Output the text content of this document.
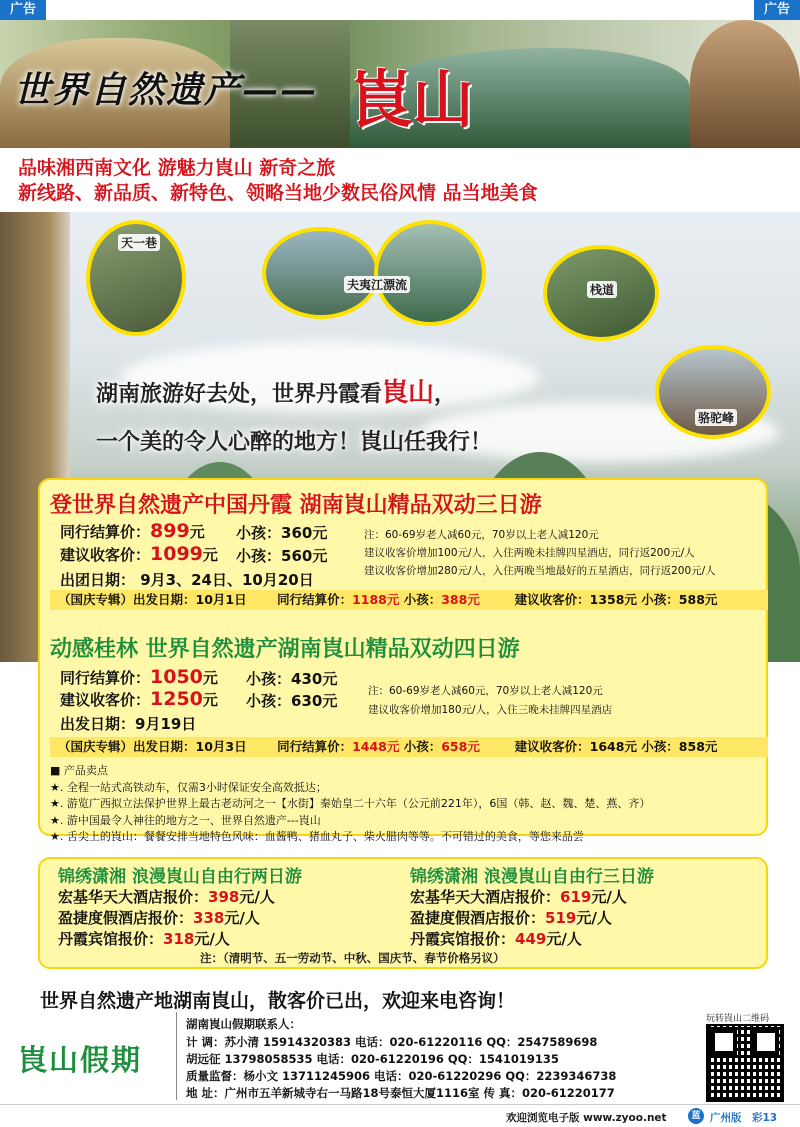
广告	广告
世界自然遗产—— 崀山
品味湘西南文化 游魅力崀山 新奇之旅
新线路、新品质、新特色、领略当地少数民俗风情 品当地美食
天一巷
夫夷江漂流	栈道
骆驼峰
湖南旅游好去处，世界丹霞看崀山，
一个美的令人心醉的地方！崀山任我行！
登世界自然遗产中国丹霞 湖南崀山精品双动三日游
同行结算价：899元 小孩：360元
建议收客价：1099元 小孩：560元
出团日期： 9月3、24日、10月20日
注：60-69岁老人减60元，70岁以上老人减120元
建议收客价增加100元/人，入住两晚未挂牌四星酒店，同行返200元/人
建议收客价增加280元/人，入住两晚当地最好的五星酒店，同行返200元/人
（国庆专辑）出发日期：10月1日 同行结算价：1188元 小孩：388元	建议收客价：1358元 小孩：588元
动感桂林 世界自然遗产湖南崀山精品双动四日游
同行结算价：1050元 小孩：430元
建议收客价：1250元 小孩：630元
出发日期：9月19日
注：60-69岁老人减60元，70岁以上老人减120元
建议收客价增加180元/人，入住三晚未挂牌四星酒店
（国庆专辑）出发日期：10月3日 同行结算价：1448元 小孩：658元	建议收客价：1648元 小孩：858元
■ 产品卖点
★. 全程一站式高铁动车，仅需3小时保证安全高效抵达；
★. 游览广西拟立法保护世界上最古老动河之一【水街】秦始皇二十六年（公元前221年），6国（韩、赵、魏、楚、燕、齐）
★. 游中国最令人神往的地方之一、世界自然遗产---崀山
★. 舌尖上的崀山：餐餐安排当地特色风味：血酱鸭、猪血丸子、柴火腊肉等等。不可错过的美食，等您来品尝
锦绣潇湘 浪漫崀山自由行两日游
宏基华天大酒店报价：398元/人
盈捷度假酒店报价：338元/人
丹霞宾馆报价：318元/人
锦绣潇湘 浪漫崀山自由行三日游
宏基华天大酒店报价：619元/人
盈捷度假酒店报价：519元/人
丹霞宾馆报价：449元/人
注：（清明节、五一劳动节、中秋、国庆节、春节价格另议）
世界自然遗产地湖南崀山，散客价已出，欢迎来电咨询！
崀山假期
湖南崀山假期联系人：
计 调：苏小清 15914320383 电话：020-61220116 QQ：2547589698
胡远征 13798058535 电话：020-61220196 QQ：1541019135
质量监督：杨小文 13711245906 电话：020-61220296 QQ：2239346738
地 址：广州市五羊新城寺右一马路18号泰恒大厦1116室 传 真：020-61220177
玩转崀山二维码
欢迎浏览电子版 www.zyoo.net	蓝 广州版 彩13
